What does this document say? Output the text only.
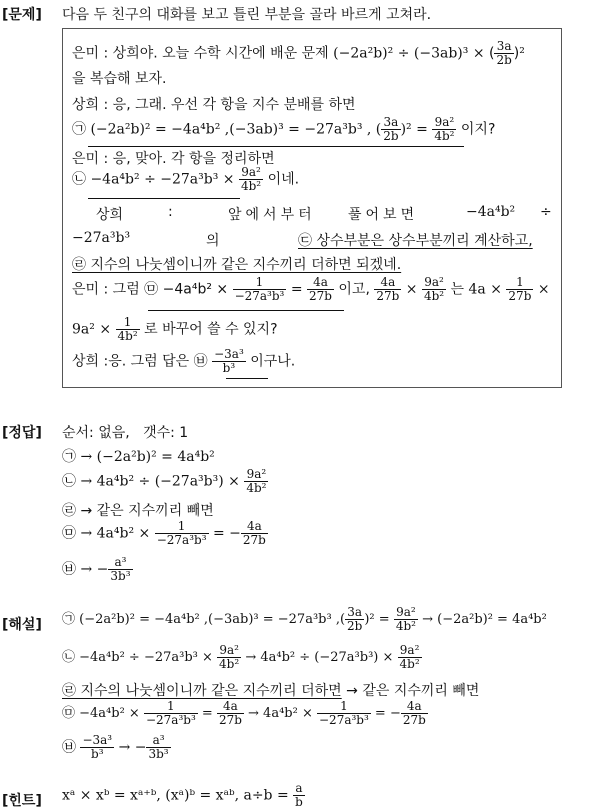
[문제] 다음 두 친구의 대화를 보고 틀린 부분을 골라 바르게 고쳐라.
은미 : 상희야. 오늘 수학 시간에 배운 문제 (−2a²b)² ÷ (−3ab)³ × ( $\frac{3a}{2b} )^2$
을 복습해 보자.
상희 : 응, 그래. 우선 각 항을 지수 분배를 하면
㉠ (−2a²b)² = −4a⁴b² ,(−3ab)³ = −27a³b³ , ( $\frac{3a}{2b} )^2 = \frac{\text{9a²}}{\text{4b²}}$ 이지?
은미 : 응, 맞아. 각 항을 정리하면
㉡ $-4a^4b^2 \div -27a^3b^3 \times \frac{\text{9a²}}{\text{4b²}}$ 이네.
상희	:	앞에서부터 풀어보면	−4a⁴b² ÷
−27a³b³	의	㉢ 상수부분은 상수부분끼리 계산하고,
㉣ 지수의 나눗셈이니까 같은 지수끼리 더하면 되겠네.
은미 : 그럼 ㉤ $-4a^4b^2 \times \frac{1}{\text{−27a³b³}} = \frac{4a}{27b}$ 이고, $\frac{4a}{27b} \times \frac{\text{9a²}}{\text{4b²}}$ 는 $4a \times \frac{1}{27b}$ ×
$9a^2 \times \frac{1}{\text{4b²}}$ 로 바꾸어 쓸 수 있지?
상희 :응. 그럼 답은 ㉥ $\frac{\text{−3a³}}{\text{b³}}$ 이구나.
[정답] 순서: 없음,   갯수: 1
㉠ → (−2a²b)² = 4a⁴b²
㉡ → $4a^4b^2 \div (-27a^3b^3) \times \frac{\text{9a²}}{\text{4b²}}$
㉣ → 같은 지수끼리 빼면
㉤ → $4a^4b^2 \times \frac{1}{\text{−27a³b³}}$ = − $\frac{4a}{27b}$
㉥ → − $\frac{\text{a³}}{\text{3b³}}$
[해설] ㉠ (−2a²b)² = −4a⁴b² ,(−3ab)³ = −27a³b³ ,( $\frac{3a}{2b} )^2 = \frac{\text{9a²}}{\text{4b²}} \to (-2a^2b)^2 = 4a^4b^2$
㉡ $-4a^4b^2 \div -27a^3b^3 \times \frac{\text{9a²}}{\text{4b²}} \to 4a^4b^2 \div (-27a^3b^3) \times \frac{\text{9a²}}{\text{4b²}}$
㉣ 지수의 나눗셈이니까 같은 지수끼리 더하면 → 같은 지수끼리 빼면
㉤ $-4a^4b^2 \times \frac{1}{\text{−27a³b³}} = \frac{4a}{27b} \to 4a^4b^2 \times \frac{1}{\text{−27a³b³}}$ = − $\frac{4a}{27b}$
㉥ $\frac{\text{−3a³}}{\text{b³}}$ → − $\frac{\text{a³}}{\text{3b³}}$
[힌트] xᵃ × xᵇ = xᵃ⁺ᵇ, (xᵃ)ᵇ = xᵃᵇ, $a\div b = \frac{a}{b}$
